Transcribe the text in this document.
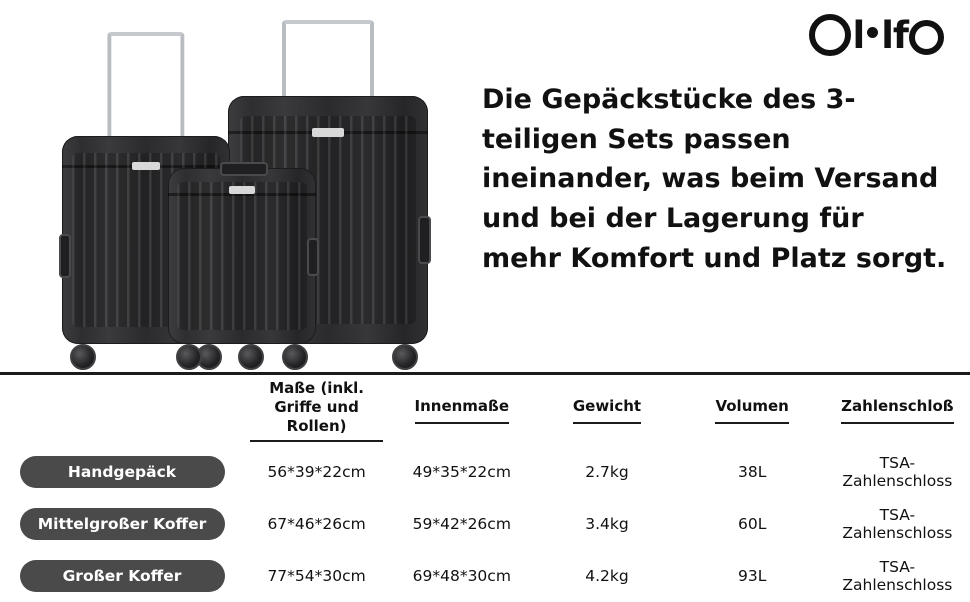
l lf
Die Gepäckstücke des 3-teiligen Sets passen ineinander, was beim Versand und bei der Lagerung für mehr Komfort und Platz sorgt.
	Maße (inkl.
Griffe und Rollen)	Innenmaße	Gewicht	Volumen	Zahlenschloß

Handgepäck	56*39*22cm	49*35*22cm	2.7kg	38L	TSA-Zahlenschloss

Mittelgroßer Koffer	67*46*26cm	59*42*26cm	3.4kg	60L	TSA-Zahlenschloss

Großer Koffer	77*54*30cm	69*48*30cm	4.2kg	93L	TSA-Zahlenschloss
